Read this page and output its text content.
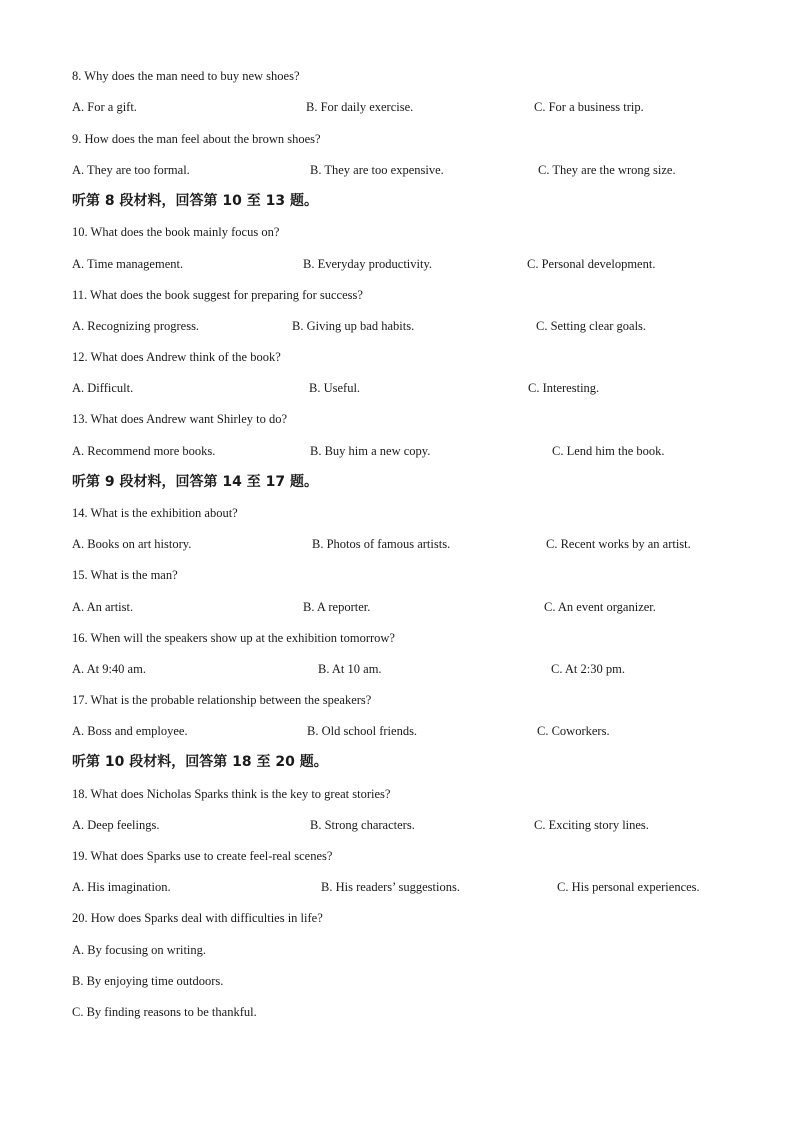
8. Why does the man need to buy new shoes?
A. For a gift.	B. For daily exercise.	C. For a business trip.
9. How does the man feel about the brown shoes?
A. They are too formal.	B. They are too expensive.	C. They are the wrong size.
听第 8 段材料，回答第 10 至 13 题。
10. What does the book mainly focus on?
A. Time management.	B. Everyday productivity.	C. Personal development.
11. What does the book suggest for preparing for success?
A. Recognizing progress.	B. Giving up bad habits.	C. Setting clear goals.
12. What does Andrew think of the book?
A. Difficult.	B. Useful.	C. Interesting.
13. What does Andrew want Shirley to do?
A. Recommend more books.	B. Buy him a new copy.	C. Lend him the book.
听第 9 段材料，回答第 14 至 17 题。
14. What is the exhibition about?
A. Books on art history.	B. Photos of famous artists.	C. Recent works by an artist.
15. What is the man?
A. An artist.	B. A reporter.	C. An event organizer.
16. When will the speakers show up at the exhibition tomorrow?
A. At 9:40 am.	B. At 10 am.	C. At 2:30 pm.
17. What is the probable relationship between the speakers?
A. Boss and employee.	B. Old school friends.	C. Coworkers.
听第 10 段材料，回答第 18 至 20 题。
18. What does Nicholas Sparks think is the key to great stories?
A. Deep feelings.	B. Strong characters.	C. Exciting story lines.
19. What does Sparks use to create feel-real scenes?
A. His imagination.	B. His readers’ suggestions.	C. His personal experiences.
20. How does Sparks deal with difficulties in life?
A. By focusing on writing.
B. By enjoying time outdoors.
C. By finding reasons to be thankful.
